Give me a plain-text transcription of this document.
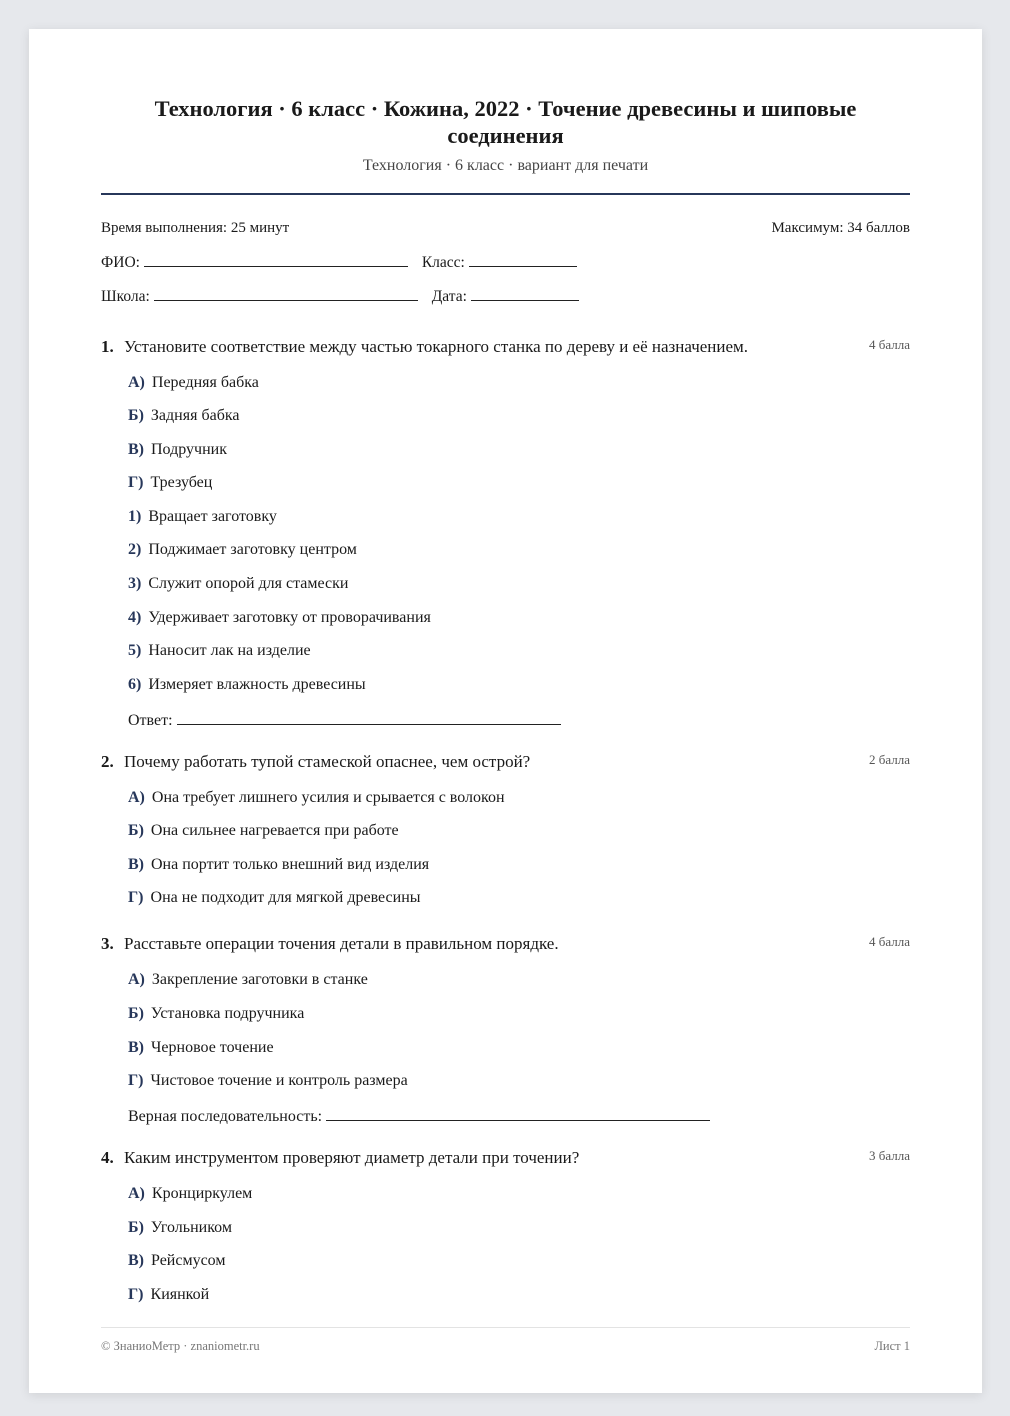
Технология · 6 класс · Кожина, 2022 · Точение древесины и шиповые соединения
Технология · 6 класс · вариант для печати
Время выполнения: 25 минут	Максимум: 34 баллов
ФИО:	Класс:
Школа:	Дата:
1. Установите соответствие между частью токарного станка по дереву и её назначением.	4 балла
А) Передняя бабка
Б) Задняя бабка
В) Подручник
Г) Трезубец
1) Вращает заготовку
2) Поджимает заготовку центром
3) Служит опорой для стамески
4) Удерживает заготовку от проворачивания
5) Наносит лак на изделие
6) Измеряет влажность древесины
Ответ:
2. Почему работать тупой стамеской опаснее, чем острой?	2 балла
А) Она требует лишнего усилия и срывается с волокон
Б) Она сильнее нагревается при работе
В) Она портит только внешний вид изделия
Г) Она не подходит для мягкой древесины
3. Расставьте операции точения детали в правильном порядке.	4 балла
А) Закрепление заготовки в станке
Б) Установка подручника
В) Черновое точение
Г) Чистовое точение и контроль размера
Верная последовательность:
4. Каким инструментом проверяют диаметр детали при точении?	3 балла
А) Кронциркулем
Б) Угольником
В) Рейсмусом
Г) Киянкой
© ЗнаниоМетр · znaniometr.ru	Лист 1
